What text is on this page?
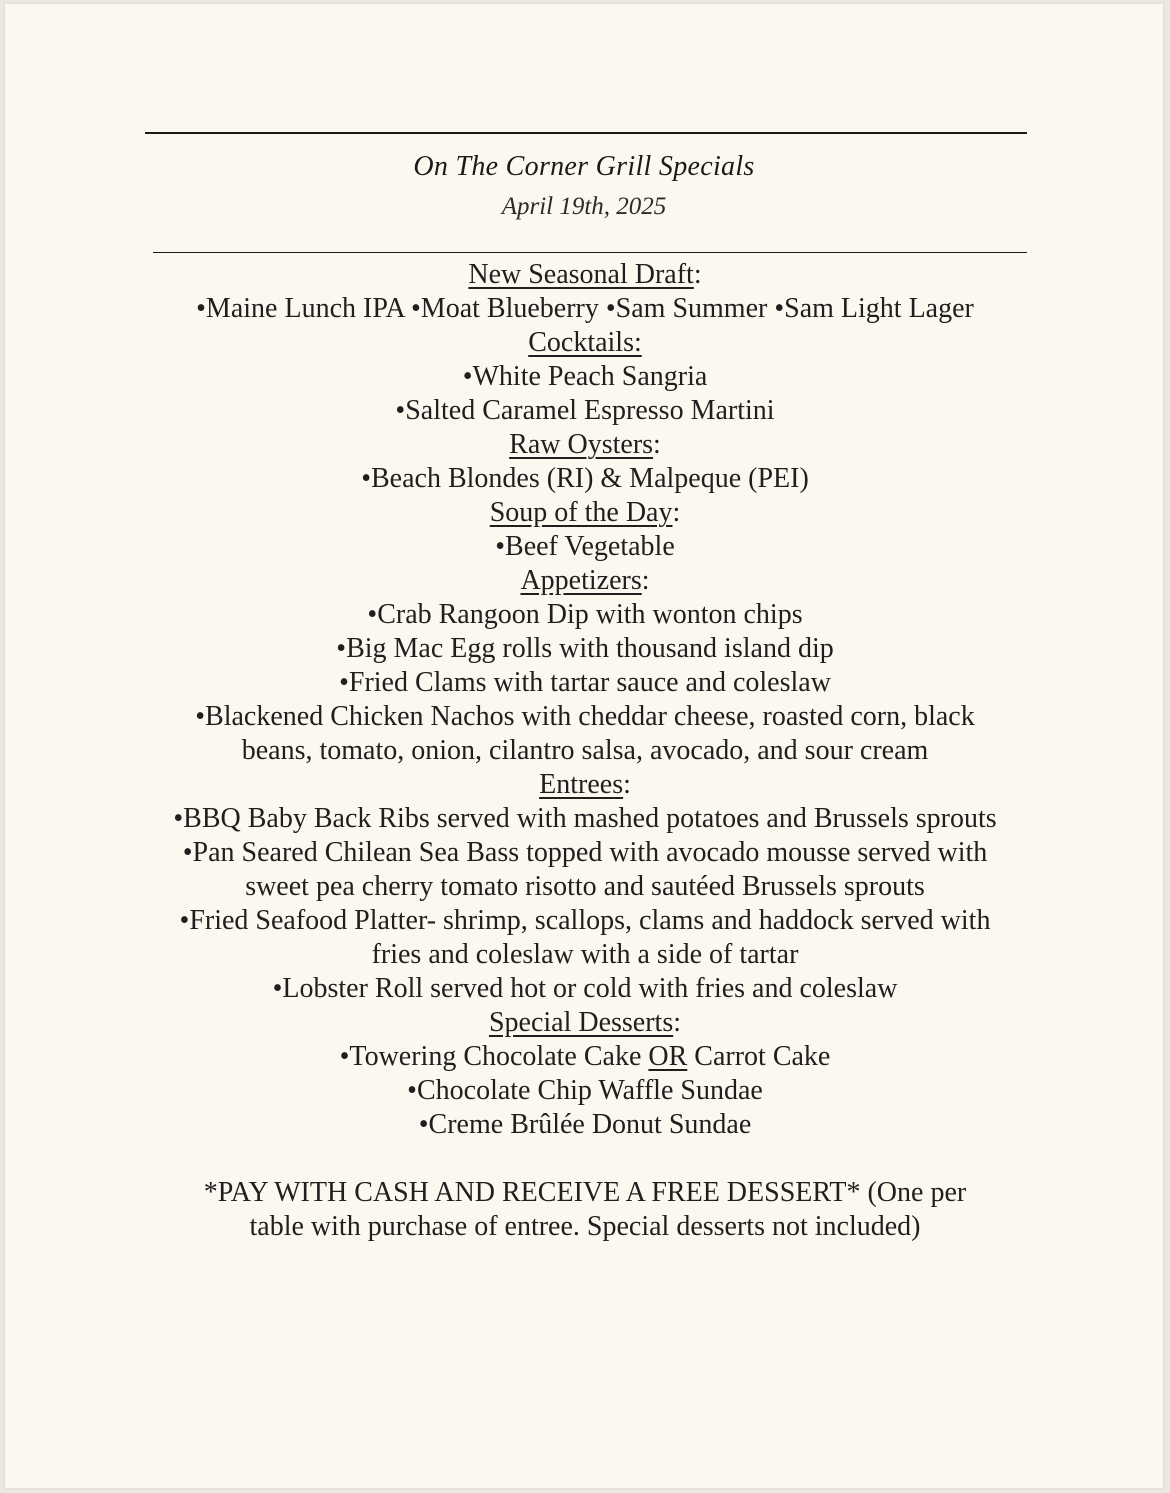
On The Corner Grill Specials
April 19th, 2025
New Seasonal Draft:
•Maine Lunch IPA •Moat Blueberry •Sam Summer •Sam Light Lager
Cocktails:
•White Peach Sangria
•Salted Caramel Espresso Martini
Raw Oysters:
•Beach Blondes (RI) & Malpeque (PEI)
Soup of the Day:
•Beef Vegetable
Appetizers:
•Crab Rangoon Dip with wonton chips
•Big Mac Egg rolls with thousand island dip
•Fried Clams with tartar sauce and coleslaw
•Blackened Chicken Nachos with cheddar cheese, roasted corn, black
beans, tomato, onion, cilantro salsa, avocado, and sour cream
Entrees:
•BBQ Baby Back Ribs served with mashed potatoes and Brussels sprouts
•Pan Seared Chilean Sea Bass topped with avocado mousse served with
sweet pea cherry tomato risotto and sautéed Brussels sprouts
•Fried Seafood Platter- shrimp, scallops, clams and haddock served with
fries and coleslaw with a side of tartar
•Lobster Roll served hot or cold with fries and coleslaw
Special Desserts:
•Towering Chocolate Cake OR Carrot Cake
•Chocolate Chip Waffle Sundae
•Creme Brûlée Donut Sundae
*PAY WITH CASH AND RECEIVE A FREE DESSERT* (One per
table with purchase of entree. Special desserts not included)
